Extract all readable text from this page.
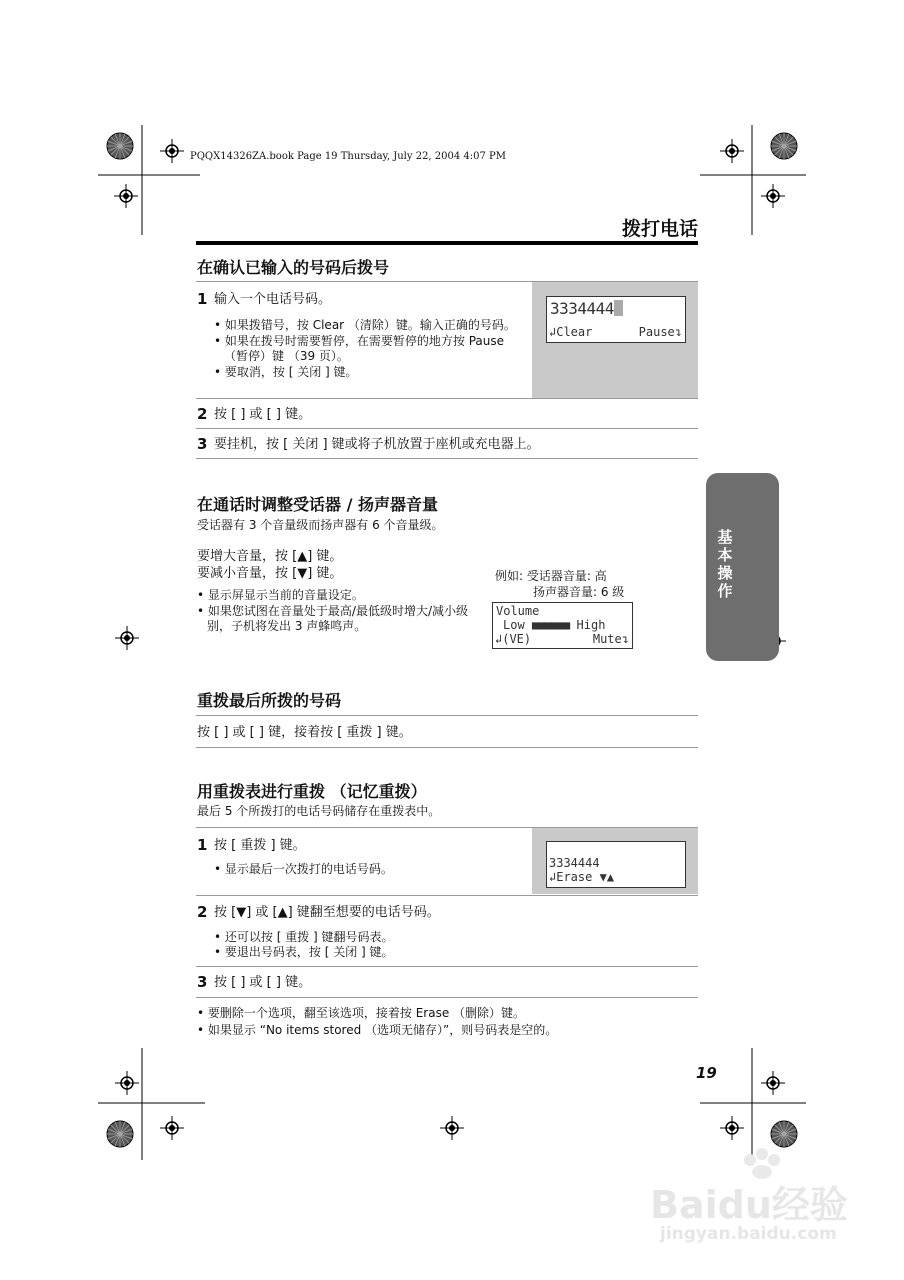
PQQX14326ZA.book Page 19 Thursday, July 22, 2004 4:07 PM
拨打电话
基
本
操
作
在确认已输入的号码后拨号
3334444
↲Clear	Pause↴
1 输入一个电话号码。
• 如果拨错号，按 Clear （清除）键。输入正确的号码。
• 如果在拨号时需要暂停，在需要暂停的地方按 Pause （暂停）键 （39 页）。
• 要取消，按 [ 关闭 ] 键。
2 按 [ ] 或 [ ] 键。
3 要挂机，按 [ 关闭 ] 键或将子机放置于座机或充电器上。
在通话时调整受话器 / 扬声器音量
受话器有 3 个音量级而扬声器有 6 个音量级。
要增大音量，按 [▲] 键。
要减小音量，按 [▼] 键。
• 显示屏显示当前的音量设定。
• 如果您试图在音量处于最高/最低级时增大/减小级别，子机将发出 3 声蜂鸣声。
例如: 受话器音量: 高
扬声器音量: 6 级
Volume
Low ■■■■■■ High
↲(VE)	Mute↴
重拨最后所拨的号码
按 [ ] 或 [ ] 键，接着按 [ 重拨 ] 键。
用重拨表进行重拨 （记忆重拨）
最后 5 个所拨打的电话号码储存在重拨表中。
3334444
↲Erase ▼▲
1 按 [ 重拨 ] 键。
• 显示最后一次拨打的电话号码。
2 按 [▼] 或 [▲] 键翻至想要的电话号码。
• 还可以按 [ 重拨 ] 键翻号码表。
• 要退出号码表，按 [ 关闭 ] 键。
3 按 [ ] 或 [ ] 键。
• 要删除一个选项，翻至该选项，接着按 Erase （删除）键。
• 如果显示 “No items stored （选项无储存）”，则号码表是空的。
19
Baidu经验
jingyan.baidu.com
